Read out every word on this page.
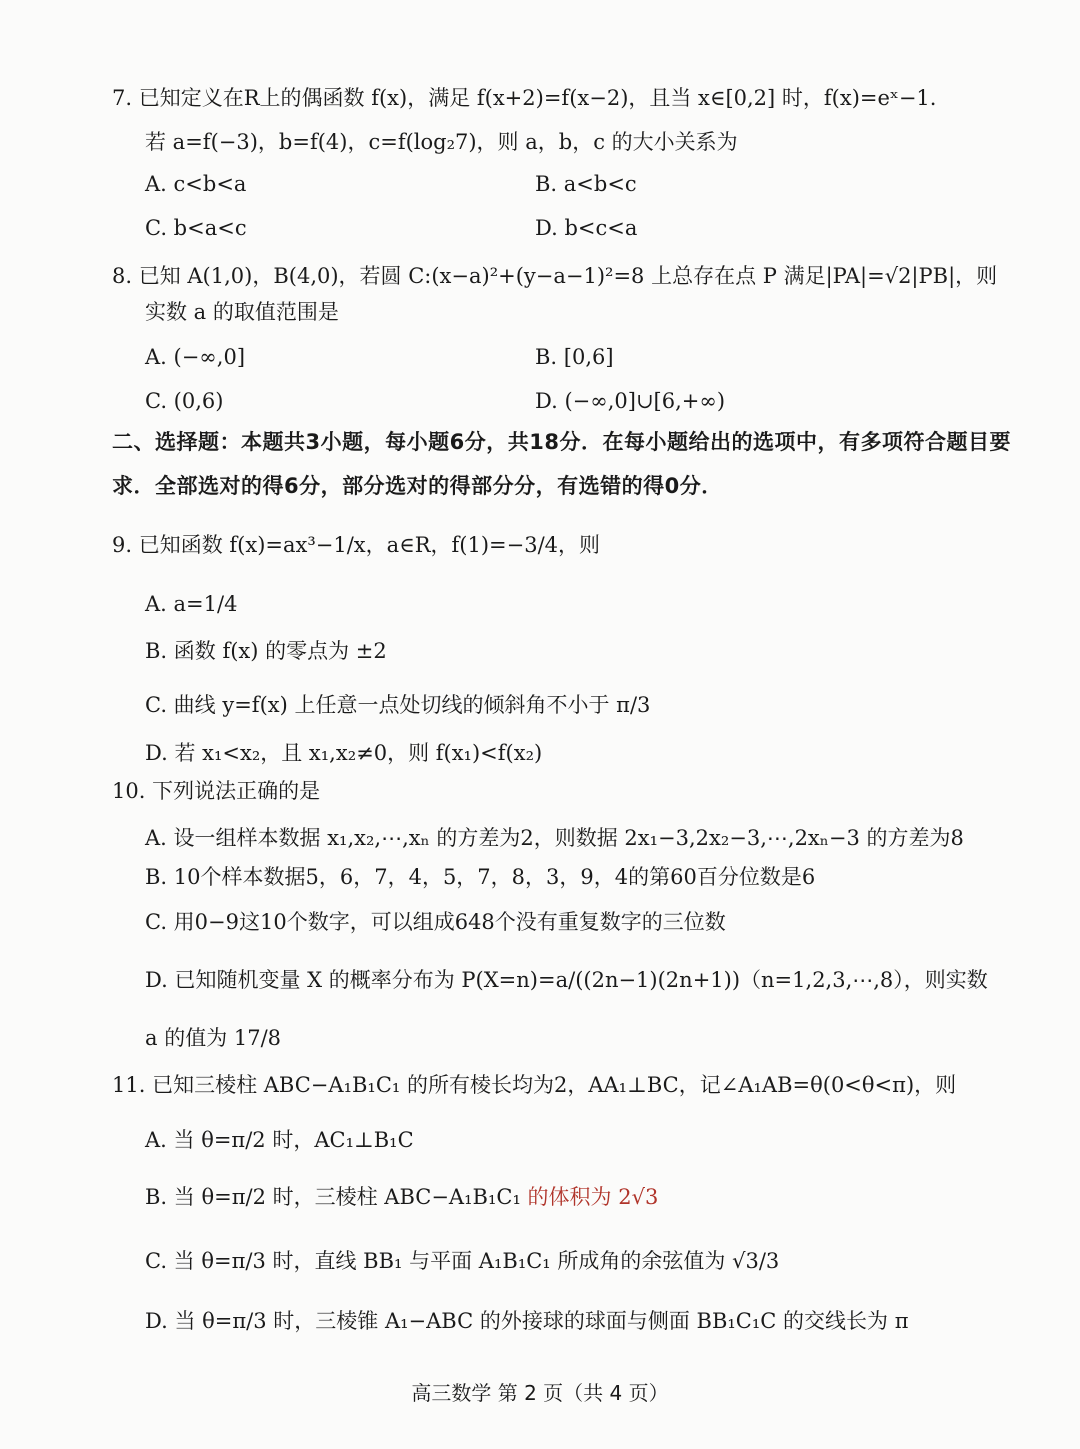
7. 已知定义在R上的偶函数 f(x)，满足 f(x+2)=f(x−2)，且当 x∈[0,2] 时，f(x)=eˣ−1.
若 a=f(−3)，b=f(4)，c=f(log₂7)，则 a，b，c 的大小关系为
A. c<b<a	B. a<b<c
C. b<a<c	D. b<c<a
8. 已知 A(1,0)，B(4,0)，若圆 C:(x−a)²+(y−a−1)²=8 上总存在点 P 满足|PA|=√2|PB|，则
实数 a 的取值范围是
A. (−∞,0]	B. [0,6]
C. (0,6)	D. (−∞,0]∪[6,+∞)
二、选择题：本题共3小题，每小题6分，共18分．在每小题给出的选项中，有多项符合题目要
求．全部选对的得6分，部分选对的得部分分，有选错的得0分．
9. 已知函数 f(x)=ax³−1/x，a∈R，f(1)=−3/4，则
A. a=1/4
B. 函数 f(x) 的零点为 ±2
C. 曲线 y=f(x) 上任意一点处切线的倾斜角不小于 π/3
D. 若 x₁<x₂，且 x₁,x₂≠0，则 f(x₁)<f(x₂)
10. 下列说法正确的是
A. 设一组样本数据 x₁,x₂,⋯,xₙ 的方差为2，则数据 2x₁−3,2x₂−3,⋯,2xₙ−3 的方差为8
B. 10个样本数据5，6，7，4，5，7，8，3，9，4的第60百分位数是6
C. 用0−9这10个数字，可以组成648个没有重复数字的三位数
D. 已知随机变量 X 的概率分布为 P(X=n)=a/((2n−1)(2n+1))（n=1,2,3,⋯,8），则实数
a 的值为 17/8
11. 已知三棱柱 ABC−A₁B₁C₁ 的所有棱长均为2，AA₁⊥BC，记∠A₁AB=θ(0<θ<π)，则
A. 当 θ=π/2 时，AC₁⊥B₁C
B. 当 θ=π/2 时，三棱柱 ABC−A₁B₁C₁ 的体积为 2√3
C. 当 θ=π/3 时，直线 BB₁ 与平面 A₁B₁C₁ 所成角的余弦值为 √3/3
D. 当 θ=π/3 时，三棱锥 A₁−ABC 的外接球的球面与侧面 BB₁C₁C 的交线长为 π
高三数学 第 2 页（共 4 页）
